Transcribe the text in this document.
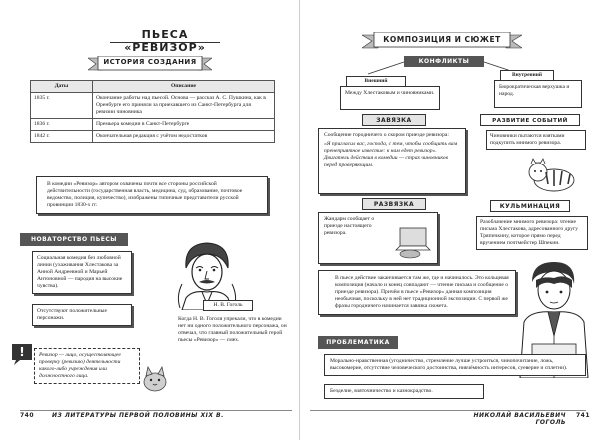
ПЬЕСА «РЕВИЗОР»
ИСТОРИЯ СОЗДАНИЯ
Даты	Описание
1835 г.	Окончание работы над пьесой. Основа — рассказ А. С. Пушкина, как в Оренбурге его приняли за приехавшего из Санкт-Петербурга для ревизии чиновника
1836 г.	Премьера комедии в Санкт-Петербурге
1842 г.	Окончательная редакция с учётом недостатков
В комедии «Ревизор» автором охвачены почти все стороны российской действительности (государственная власть, медицина, суд, образование, почтовое ведомство, полиция, купечество), изображены типичные представители русской провинции 1830-х гг.
НОВАТОРСТВО ПЬЕСЫ
Социальная комедия без любовной линии (ухаживания Хлестакова за Анной Андреевной и Марьей Антоновной — пародия на высокие чувства).
Отсутствуют положительные персонажи.
!	Ревизор — лицо, осуществляющее проверку (ревизию) деятельности какого-либо учреждения или должностного лица.
Н. В. Гоголь
Когда Н. В. Гоголя упрекали, что в комедии нет ни одного положительного персонажа, он отвечал, что главный положительный герой пьесы «Ревизор» — смех.
740	ИЗ ЛИТЕРАТУРЫ ПЕРВОЙ ПОЛОВИНЫ XIX В.
КОМПОЗИЦИЯ И СЮЖЕТ
КОНФЛИКТЫ
Внешний
Между Хлестаковым и чиновниками.
Внутренний
Бюрократическая верхушка и народ.
ЗАВЯЗКА
Сообщение городничего о скором приезде ревизора:
«Я пригласил вас, господа, с тем, чтобы сообщить вам пренеприятное известие: к нам едет ревизор». Двигатель действия в комедии — страх чиновников перед проверяющим.
РАЗВИТИЕ СОБЫТИЙ
Чиновники пытаются взятками подкупить мнимого ревизора.
РАЗВЯЗКА
Жандарм сообщает о приезде настоящего ревизора.
КУЛЬМИНАЦИЯ
Разоблачение мнимого ревизора: чтение письма Хлестакова, адресованного другу Тряпичкину, которое прямо перед вручением почтмейстер Шпекин.
В пьесе действие заканчивается там же, где и начиналось. Это кольцевая композиция (начало и конец совпадают — чтение письма и сообщение о приезде ревизора). Причём в пьесе «Ревизор» данная композиция необычная, поскольку в ней нет традиционной экспозиции. С первой же фразы городничего начинается завязка сюжета.
ПРОБЛЕМАТИКА
Морально-нравственная (угодничество, стремление лучше устроиться, чинопочитание, ложь, высокомерие, отсутствие человеческого достоинства, никчёмность интересов, суеверие и сплетни).
Безделие, взяточничество и казнокрадство.
НИКОЛАЙ ВАСИЛЬЕВИЧ ГОГОЛЬ
741
